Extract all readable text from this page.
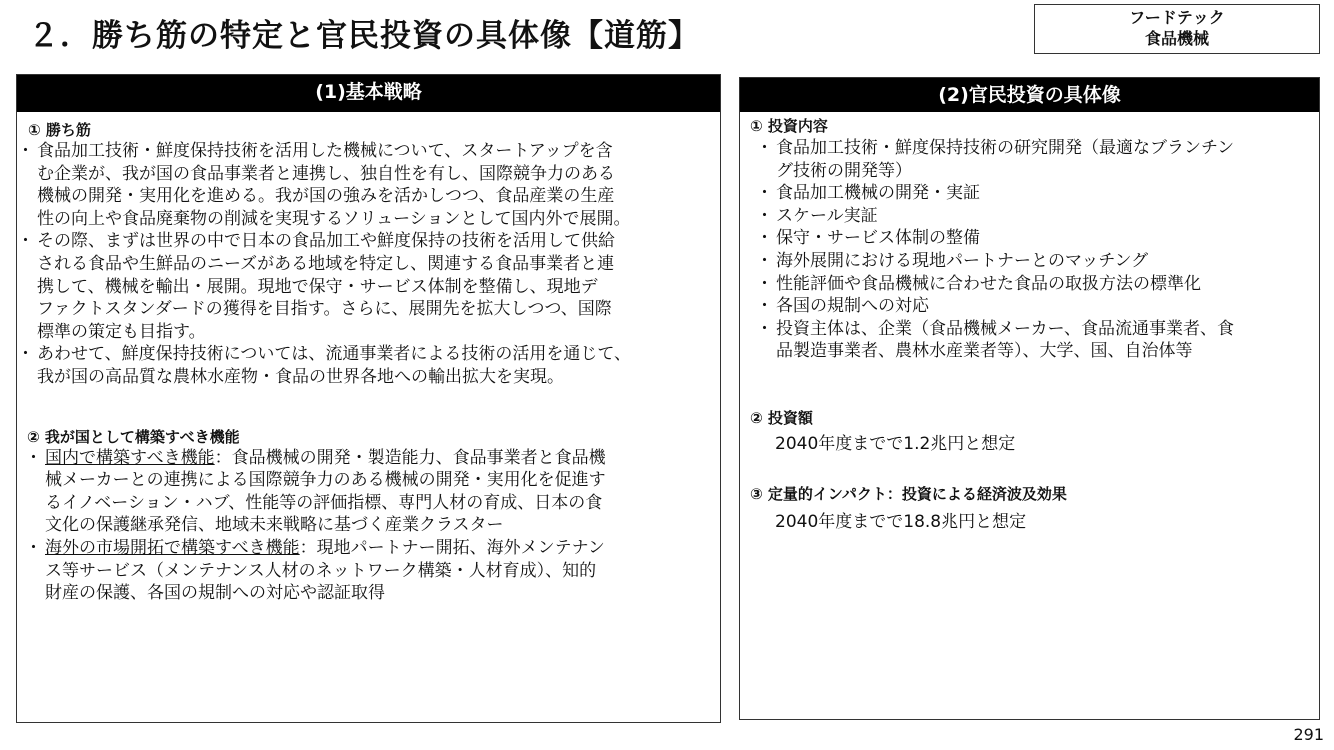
２．勝ち筋の特定と官民投資の具体像【道筋】
フードテック
食品機械
(1)基本戦略
① 勝ち筋
・ 食品加工技術・鮮度保持技術を活用した機械について、スタートアップを含
む企業が、我が国の食品事業者と連携し、独自性を有し、国際競争力のある
機械の開発・実用化を進める。我が国の強みを活かしつつ、食品産業の生産
性の向上や食品廃棄物の削減を実現するソリューションとして国内外で展開。
・ その際、まずは世界の中で日本の食品加工や鮮度保持の技術を活用して供給
される食品や生鮮品のニーズがある地域を特定し、関連する食品事業者と連
携して、機械を輸出・展開。現地で保守・サービス体制を整備し、現地デ
ファクトスタンダードの獲得を目指す。さらに、展開先を拡大しつつ、国際
標準の策定も目指す。
・ あわせて、鮮度保持技術については、流通事業者による技術の活用を通じて、
我が国の高品質な農林水産物・食品の世界各地への輸出拡大を実現。
② 我が国として構築すべき機能
・ 国内で構築すべき機能：食品機械の開発・製造能力、食品事業者と食品機
械メーカーとの連携による国際競争力のある機械の開発・実用化を促進す
るイノベーション・ハブ、性能等の評価指標、専門人材の育成、日本の食
文化の保護継承発信、地域未来戦略に基づく産業クラスター
・ 海外の市場開拓で構築すべき機能：現地パートナー開拓、海外メンテナン
ス等サービス（メンテナンス人材のネットワーク構築・人材育成）、知的
財産の保護、各国の規制への対応や認証取得
(2)官民投資の具体像
① 投資内容
・ 食品加工技術・鮮度保持技術の研究開発（最適なブランチン
グ技術の開発等）
・ 食品加工機械の開発・実証
・ スケール実証
・ 保守・サービス体制の整備
・ 海外展開における現地パートナーとのマッチング
・ 性能評価や食品機械に合わせた食品の取扱方法の標準化
・ 各国の規制への対応
・ 投資主体は、企業（食品機械メーカー、食品流通事業者、食
品製造事業者、農林水産業者等）、大学、国、自治体等
② 投資額
2040年度までで1.2兆円と想定
③ 定量的インパクト：投資による経済波及効果
2040年度までで18.8兆円と想定
291
